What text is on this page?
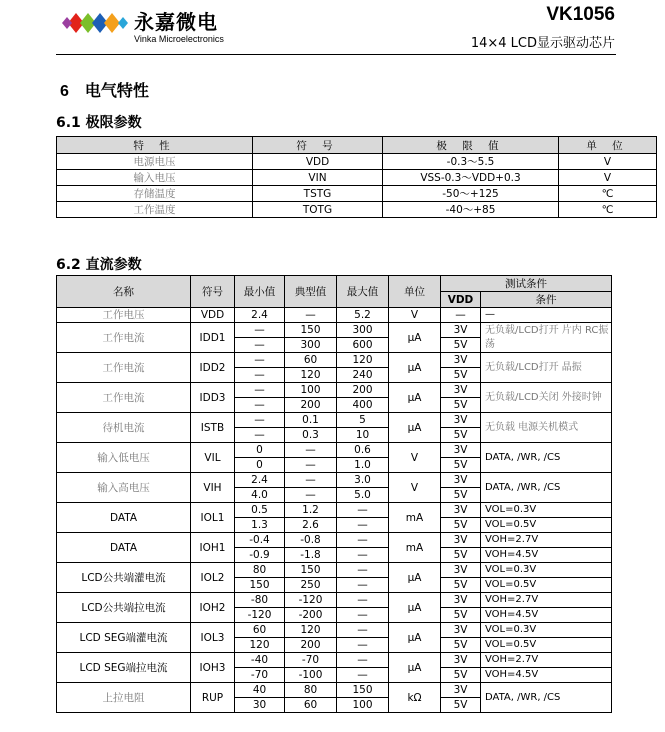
永嘉微电
Vinka Microelectronics
VK1056
14×4 LCD显示驱动芯片
6 电气特性
6.1 极限参数
特 性	符 号	极 限 值	单 位
电源电压	VDD	-0.3～5.5	V
输入电压	VIN	VSS-0.3～VDD+0.3	V
存储温度	TSTG	-50～+125	℃
工作温度	TOTG	-40～+85	℃
6.2 直流参数
名称	符号	最小值	典型值	最大值	单位	测试条件	
						VDD	条件
工作电压	VDD	2.4	—	5.2	V	—	—
工作电流	IDD1	—	150	300	μA	3V	无负载/LCD打开 片内 RC振荡
		—	300	600		5V	
工作电流	IDD2	—	60	120	μA	3V	无负载/LCD打开 晶振
		—	120	240		5V	
工作电流	IDD3	—	100	200	μA	3V	无负载/LCD关闭 外接时钟
		—	200	400		5V	
待机电流	ISTB	—	0.1	5	μA	3V	无负载 电源关机模式
		—	0.3	10		5V	
输入低电压	VIL	0	—	0.6	V	3V	DATA, /WR, /CS
		0	—	1.0		5V	
输入高电压	VIH	2.4	—	3.0	V	3V	DATA, /WR, /CS
		4.0	—	5.0		5V	
DATA	IOL1	0.5	1.2	—	mA	3V	VOL=0.3V
		1.3	2.6	—		5V	VOL=0.5V
DATA	IOH1	-0.4	-0.8	—	mA	3V	VOH=2.7V
		-0.9	-1.8	—		5V	VOH=4.5V
LCD公共端灌电流	IOL2	80	150	—	μA	3V	VOL=0.3V
		150	250	—		5V	VOL=0.5V
LCD公共端拉电流	IOH2	-80	-120	—	μA	3V	VOH=2.7V
		-120	-200	—		5V	VOH=4.5V
LCD SEG端灌电流	IOL3	60	120	—	μA	3V	VOL=0.3V
		120	200	—		5V	VOL=0.5V
LCD SEG端拉电流	IOH3	-40	-70	—	μA	3V	VOH=2.7V
		-70	-100	—		5V	VOH=4.5V
上拉电阻	RUP	40	80	150	kΩ	3V	DATA, /WR, /CS
		30	60	100		5V	
